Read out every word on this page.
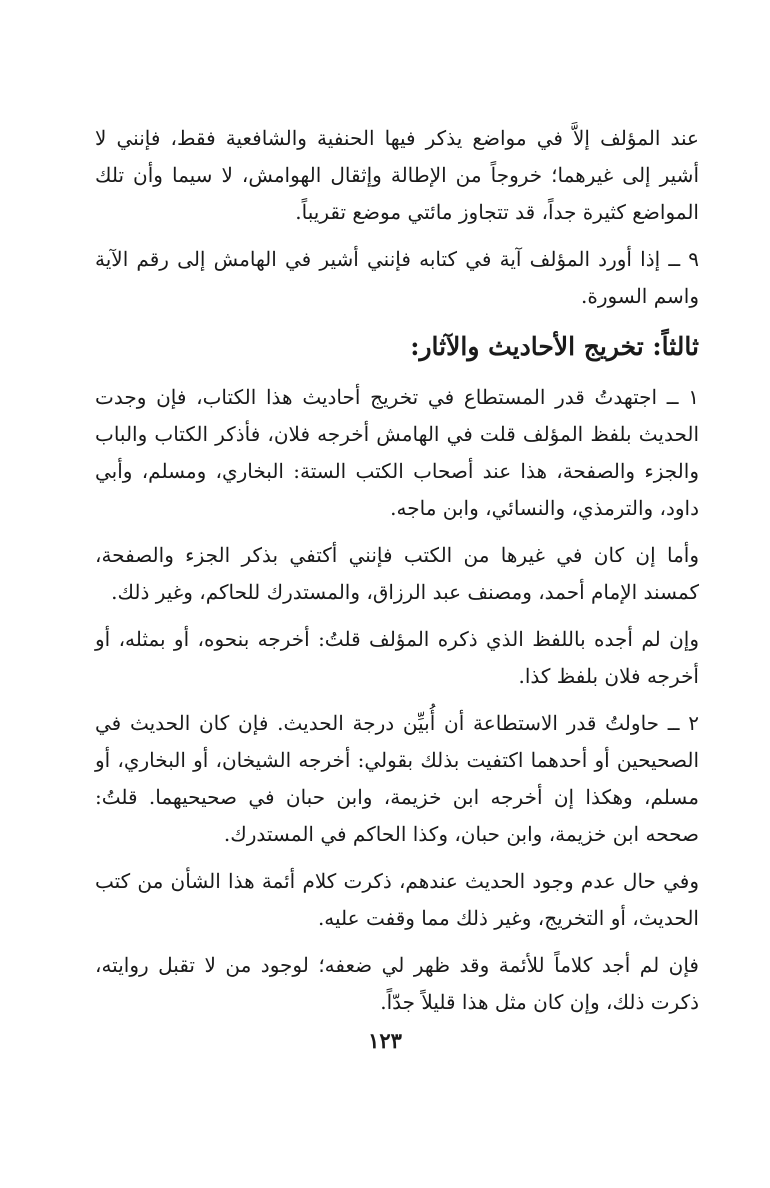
عند المؤلف إلاَّ في مواضع يذكر فيها الحنفية والشافعية فقط، فإنني لا أشير إلى غيرهما؛ خروجاً من الإطالة وإثقال الهوامش، لا سيما وأن تلك المواضع كثيرة جداً، قد تتجاوز مائتي موضع تقريباً.

٩ ــ إذا أورد المؤلف آية في كتابه فإنني أشير في الهامش إلى رقم الآية واسم السورة.

ثالثاً: تخريج الأحاديث والآثار:

١ ــ اجتهدتُ قدر المستطاع في تخريج أحاديث هذا الكتاب، فإن وجدت الحديث بلفظ المؤلف قلت في الهامش أخرجه فلان، فأذكر الكتاب والباب والجزء والصفحة، هذا عند أصحاب الكتب الستة: البخاري، ومسلم، وأبي داود، والترمذي، والنسائي، وابن ماجه.

وأما إن كان في غيرها من الكتب فإنني أكتفي بذكر الجزء والصفحة، كمسند الإمام أحمد، ومصنف عبد الرزاق، والمستدرك للحاكم، وغير ذلك.

وإن لم أجده باللفظ الذي ذكره المؤلف قلتُ: أخرجه بنحوه، أو بمثله، أو أخرجه فلان بلفظ كذا.

٢ ــ حاولتُ قدر الاستطاعة أن أُبيِّن درجة الحديث. فإن كان الحديث في الصحيحين أو أحدهما اكتفيت بذلك بقولي: أخرجه الشيخان، أو البخاري، أو مسلم، وهكذا إن أخرجه ابن خزيمة، وابن حبان في صحيحيهما. قلتُ: صححه ابن خزيمة، وابن حبان، وكذا الحاكم في المستدرك.

وفي حال عدم وجود الحديث عندهم، ذكرت كلام أئمة هذا الشأن من كتب الحديث، أو التخريج، وغير ذلك مما وقفت عليه.

فإن لم أجد كلاماً للأئمة وقد ظهر لي ضعفه؛ لوجود من لا تقبل روايته، ذكرت ذلك، وإن كان مثل هذا قليلاً جدّاً.

١٢٣
